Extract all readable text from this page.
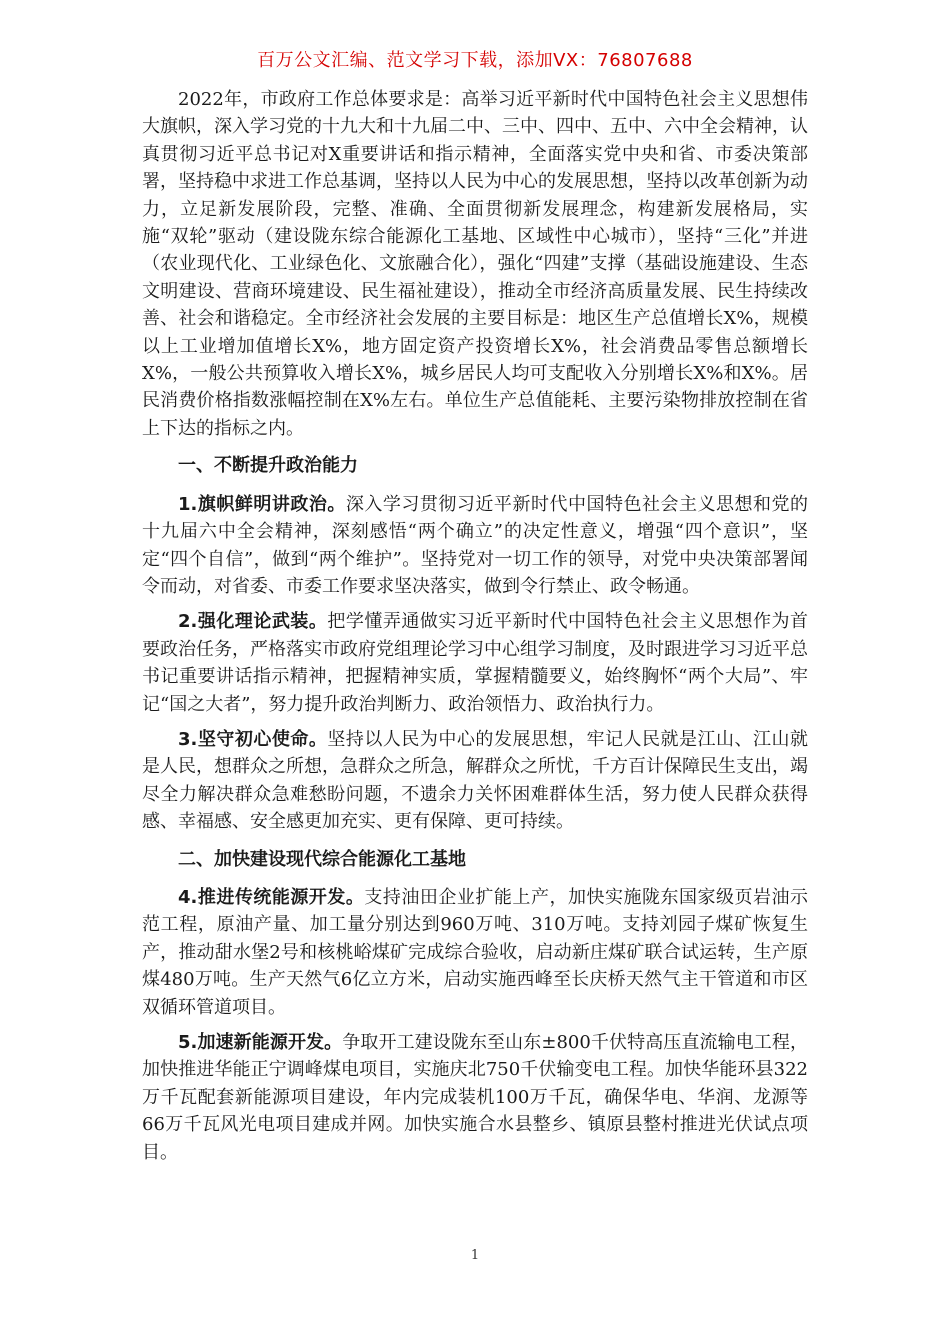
百万公文汇编、范文学习下载，添加VX：76807688

2022年，市政府工作总体要求是：高举习近平新时代中国特色社会主义思想伟大旗帜，深入学习党的十九大和十九届二中、三中、四中、五中、六中全会精神，认真贯彻习近平总书记对X重要讲话和指示精神，全面落实党中央和省、市委决策部署，坚持稳中求进工作总基调，坚持以人民为中心的发展思想，坚持以改革创新为动力，立足新发展阶段，完整、准确、全面贯彻新发展理念，构建新发展格局，实施“双轮”驱动（建设陇东综合能源化工基地、区域性中心城市），坚持“三化”并进（农业现代化、工业绿色化、文旅融合化），强化“四建”支撑（基础设施建设、生态文明建设、营商环境建设、民生福祉建设），推动全市经济高质量发展、民生持续改善、社会和谐稳定。全市经济社会发展的主要目标是：地区生产总值增长X%，规模以上工业增加值增长X%，地方固定资产投资增长X%，社会消费品零售总额增长X%，一般公共预算收入增长X%，城乡居民人均可支配收入分别增长X%和X%。居民消费价格指数涨幅控制在X%左右。单位生产总值能耗、主要污染物排放控制在省上下达的指标之内。

一、不断提升政治能力

1.旗帜鲜明讲政治。深入学习贯彻习近平新时代中国特色社会主义思想和党的十九届六中全会精神，深刻感悟“两个确立”的决定性意义，增强“四个意识”，坚定“四个自信”，做到“两个维护”。坚持党对一切工作的领导，对党中央决策部署闻令而动，对省委、市委工作要求坚决落实，做到令行禁止、政令畅通。

2.强化理论武装。把学懂弄通做实习近平新时代中国特色社会主义思想作为首要政治任务，严格落实市政府党组理论学习中心组学习制度，及时跟进学习习近平总书记重要讲话指示精神，把握精神实质，掌握精髓要义，始终胸怀“两个大局”、牢记“国之大者”，努力提升政治判断力、政治领悟力、政治执行力。

3.坚守初心使命。坚持以人民为中心的发展思想，牢记人民就是江山、江山就是人民，想群众之所想，急群众之所急，解群众之所忧，千方百计保障民生支出，竭尽全力解决群众急难愁盼问题，不遗余力关怀困难群体生活，努力使人民群众获得感、幸福感、安全感更加充实、更有保障、更可持续。

二、加快建设现代综合能源化工基地

4.推进传统能源开发。支持油田企业扩能上产，加快实施陇东国家级页岩油示范工程，原油产量、加工量分别达到960万吨、310万吨。支持刘园子煤矿恢复生产，推动甜水堡2号和核桃峪煤矿完成综合验收，启动新庄煤矿联合试运转，生产原煤480万吨。生产天然气6亿立方米，启动实施西峰至长庆桥天然气主干管道和市区双循环管道项目。

5.加速新能源开发。争取开工建设陇东至山东±800千伏特高压直流输电工程，加快推进华能正宁调峰煤电项目，实施庆北750千伏输变电工程。加快华能环县322万千瓦配套新能源项目建设，年内完成装机100万千瓦，确保华电、华润、龙源等66万千瓦风光电项目建成并网。加快实施合水县整乡、镇原县整村推进光伏试点项目。

1
